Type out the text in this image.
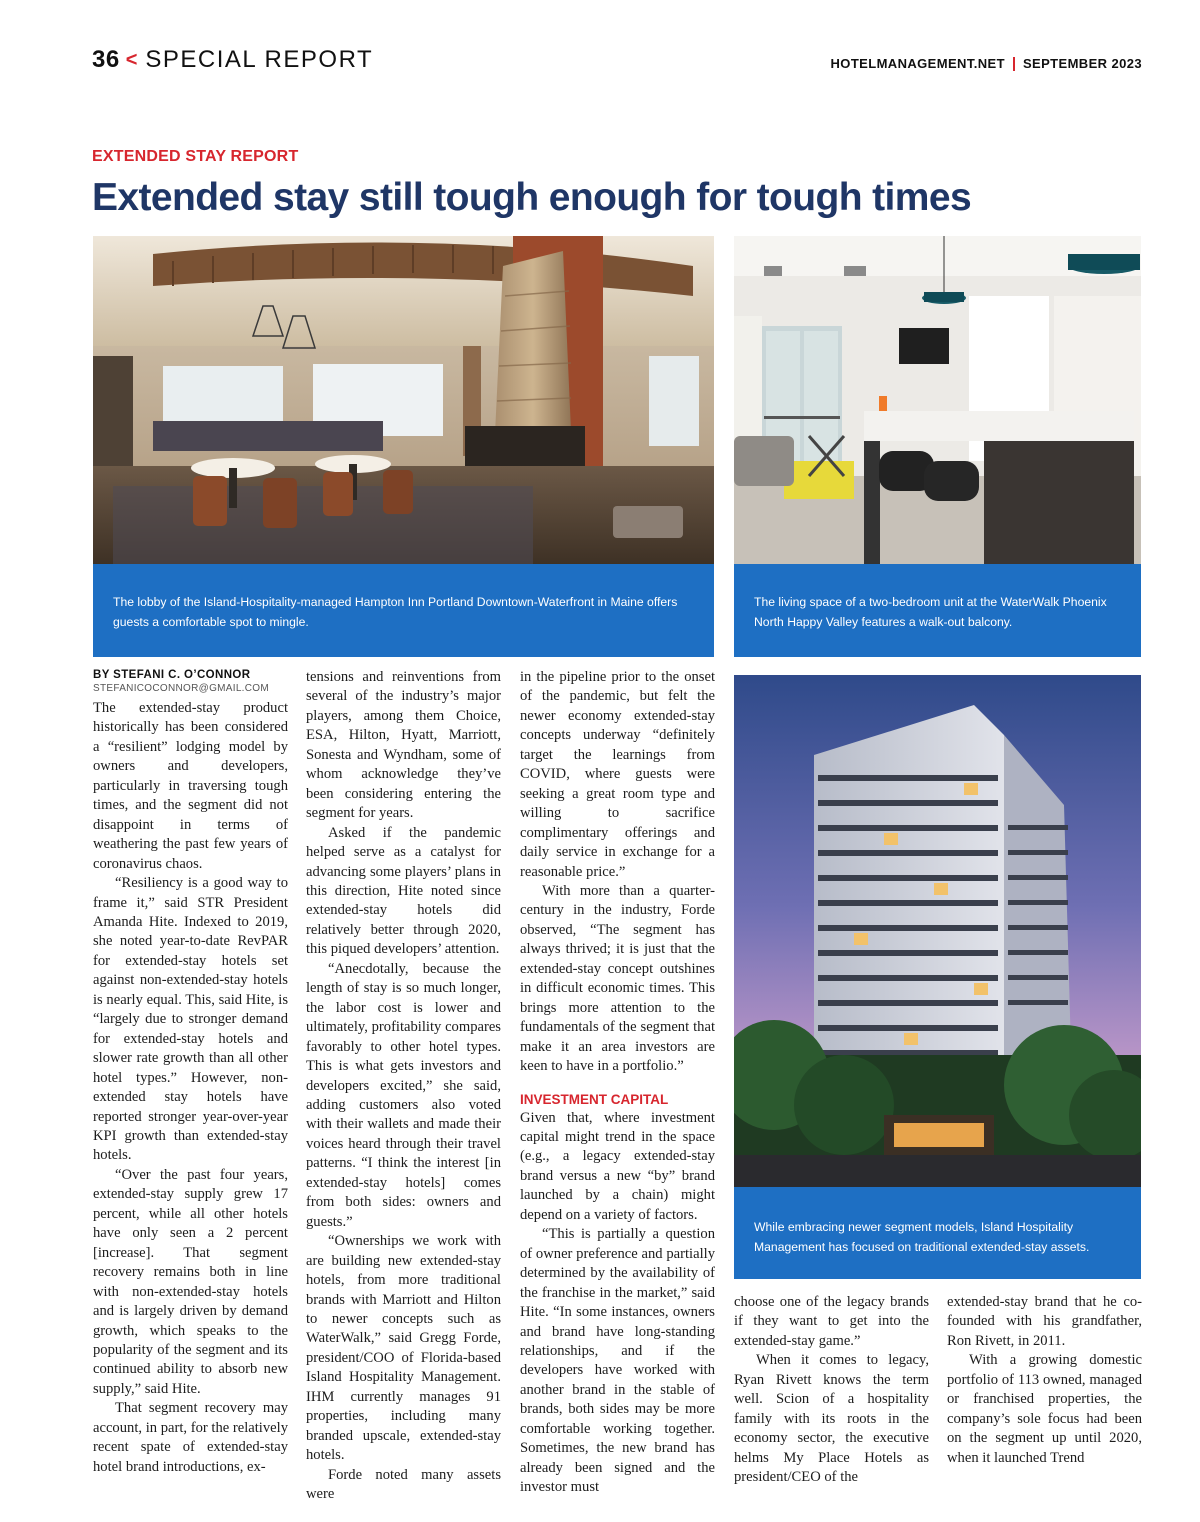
36 < SPECIAL REPORT	HOTELMANAGEMENT.NET SEPTEMBER 2023
EXTENDED STAY REPORT
Extended stay still tough enough for tough times
The lobby of the Island-Hospitality-managed Hampton Inn Portland Downtown-Waterfront in Maine offers guests a comfortable spot to mingle.
The living space of a two-bedroom unit at the WaterWalk Phoenix North Happy Valley features a walk-out balcony.
While embracing newer segment models, Island Hospitality Management has focused on traditional extended-stay assets.
BY STEFANI C. O’CONNOR
STEFANICOCONNOR@GMAIL.COM

The extended-stay product historically has been considered a “resilient” lodging model by owners and developers, particularly in traversing tough times, and the segment did not disappoint in terms of weathering the past few years of coronavirus chaos.

“Resiliency is a good way to frame it,” said STR President Amanda Hite. Indexed to 2019, she noted year-to-date RevPAR for extended-stay hotels set against non-extended-stay hotels is nearly equal. This, said Hite, is “largely due to stronger demand for extended-stay hotels and slower rate growth than all other hotel types.” However, non-extended stay hotels have reported stronger year-over-year KPI growth than extended-stay hotels.

“Over the past four years, extended-stay supply grew 17 percent, while all other hotels have only seen a 2 percent [increase]. That segment recovery remains both in line with non-extended-stay hotels and is largely driven by demand growth, which speaks to the popularity of the segment and its continued ability to absorb new supply,” said Hite.

That segment recovery may account, in part, for the relatively recent spate of extended-stay hotel brand introductions, ex-

tensions and reinventions from several of the industry’s major players, among them Choice, ESA, Hilton, Hyatt, Marriott, Sonesta and Wyndham, some of whom acknowledge they’ve been considering entering the segment for years.

Asked if the pandemic helped serve as a catalyst for advancing some players’ plans in this direction, Hite noted since extended-stay hotels did relatively better through 2020, this piqued developers’ attention.

“Anecdotally, because the length of stay is so much longer, the labor cost is lower and ultimately, profitability compares favorably to other hotel types. This is what gets investors and developers excited,” she said, adding customers also voted with their wallets and made their voices heard through their travel patterns. “I think the interest [in extended-stay hotels] comes from both sides: owners and guests.”

“Ownerships we work with are building new extended-stay hotels, from more traditional brands with Marriott and Hilton to newer concepts such as WaterWalk,” said Gregg Forde, president/COO of Florida-based Island Hospitality Management. IHM currently manages 91 properties, including many branded upscale, extended-stay hotels.

Forde noted many assets were

in the pipeline prior to the onset of the pandemic, but felt the newer economy extended-stay concepts underway “definitely target the learnings from COVID, where guests were seeking a great room type and willing to sacrifice complimentary offerings and daily service in exchange for a reasonable price.”

With more than a quarter-century in the industry, Forde observed, “The segment has always thrived; it is just that the extended-stay concept outshines in difficult economic times. This brings more attention to the fundamentals of the segment that make it an area investors are keen to have in a portfolio.”

INVESTMENT CAPITAL

Given that, where investment capital might trend in the space (e.g., a legacy extended-stay brand versus a new “by” brand launched by a chain) might depend on a variety of factors.

“This is partially a question of owner preference and partially determined by the availability of the franchise in the market,” said Hite. “In some instances, owners and brand have long-standing relationships, and if the developers have worked with another brand in the stable of brands, both sides may be more comfortable working together. Sometimes, the new brand has already been signed and the investor must

choose one of the legacy brands if they want to get into the extended-stay game.”

When it comes to legacy, Ryan Rivett knows the term well. Scion of a hospitality family with its roots in the economy sector, the executive helms My Place Hotels as president/CEO of the

extended-stay brand that he co-founded with his grandfather, Ron Rivett, in 2011.

With a growing domestic portfolio of 113 owned, managed or franchised properties, the company’s sole focus had been on the segment up until 2020, when it launched Trend
